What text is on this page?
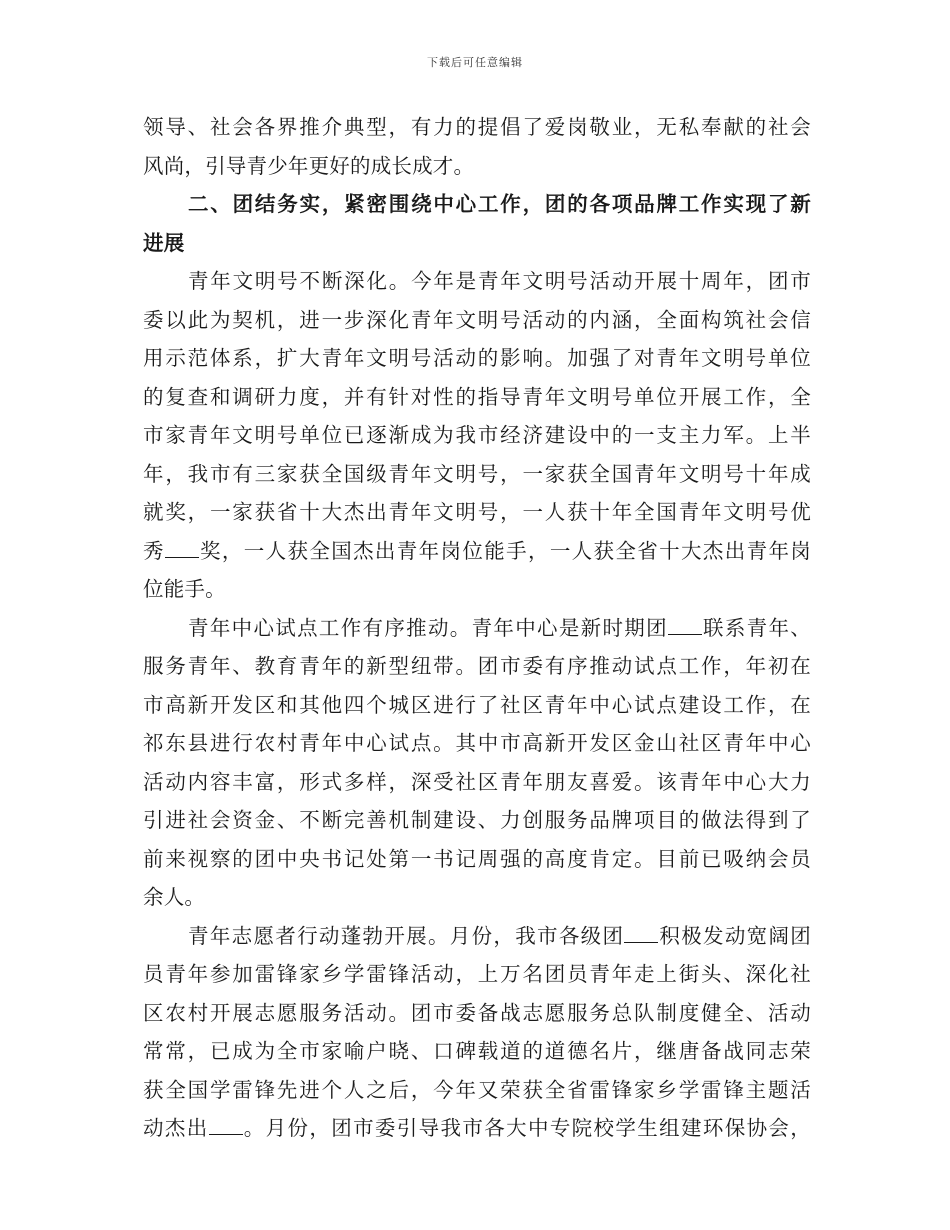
下载后可任意编辑
领导、社会各界推介典型，有力的提倡了爱岗敬业，无私奉献的社会
风尚，引导青少年更好的成长成才。
二、团结务实，紧密围绕中心工作，团的各项品牌工作实现了新
进展
青年文明号不断深化。今年是青年文明号活动开展十周年，团市
委以此为契机，进一步深化青年文明号活动的内涵，全面构筑社会信
用示范体系，扩大青年文明号活动的影响。加强了对青年文明号单位
的复查和调研力度，并有针对性的指导青年文明号单位开展工作，全
市家青年文明号单位已逐渐成为我市经济建设中的一支主力军。上半
年，我市有三家获全国级青年文明号，一家获全国青年文明号十年成
就奖，一家获省十大杰出青年文明号，一人获十年全国青年文明号优
秀 奖，一人获全国杰出青年岗位能手，一人获全省十大杰出青年岗
位能手。
青年中心试点工作有序推动。青年中心是新时期团 联系青年、
服务青年、教育青年的新型纽带。团市委有序推动试点工作，年初在
市高新开发区和其他四个城区进行了社区青年中心试点建设工作，在
祁东县进行农村青年中心试点。其中市高新开发区金山社区青年中心
活动内容丰富，形式多样，深受社区青年朋友喜爱。该青年中心大力
引进社会资金、不断完善机制建设、力创服务品牌项目的做法得到了
前来视察的团中央书记处第一书记周强的高度肯定。目前已吸纳会员
余人。
青年志愿者行动蓬勃开展。月份，我市各级团 积极发动宽阔团
员青年参加雷锋家乡学雷锋活动，上万名团员青年走上街头、深化社
区农村开展志愿服务活动。团市委备战志愿服务总队制度健全、活动
常常，已成为全市家喻户晓、口碑载道的道德名片，继唐备战同志荣
获全国学雷锋先进个人之后，今年又荣获全省雷锋家乡学雷锋主题活
动杰出 。月份，团市委引导我市各大中专院校学生组建环保协会，
